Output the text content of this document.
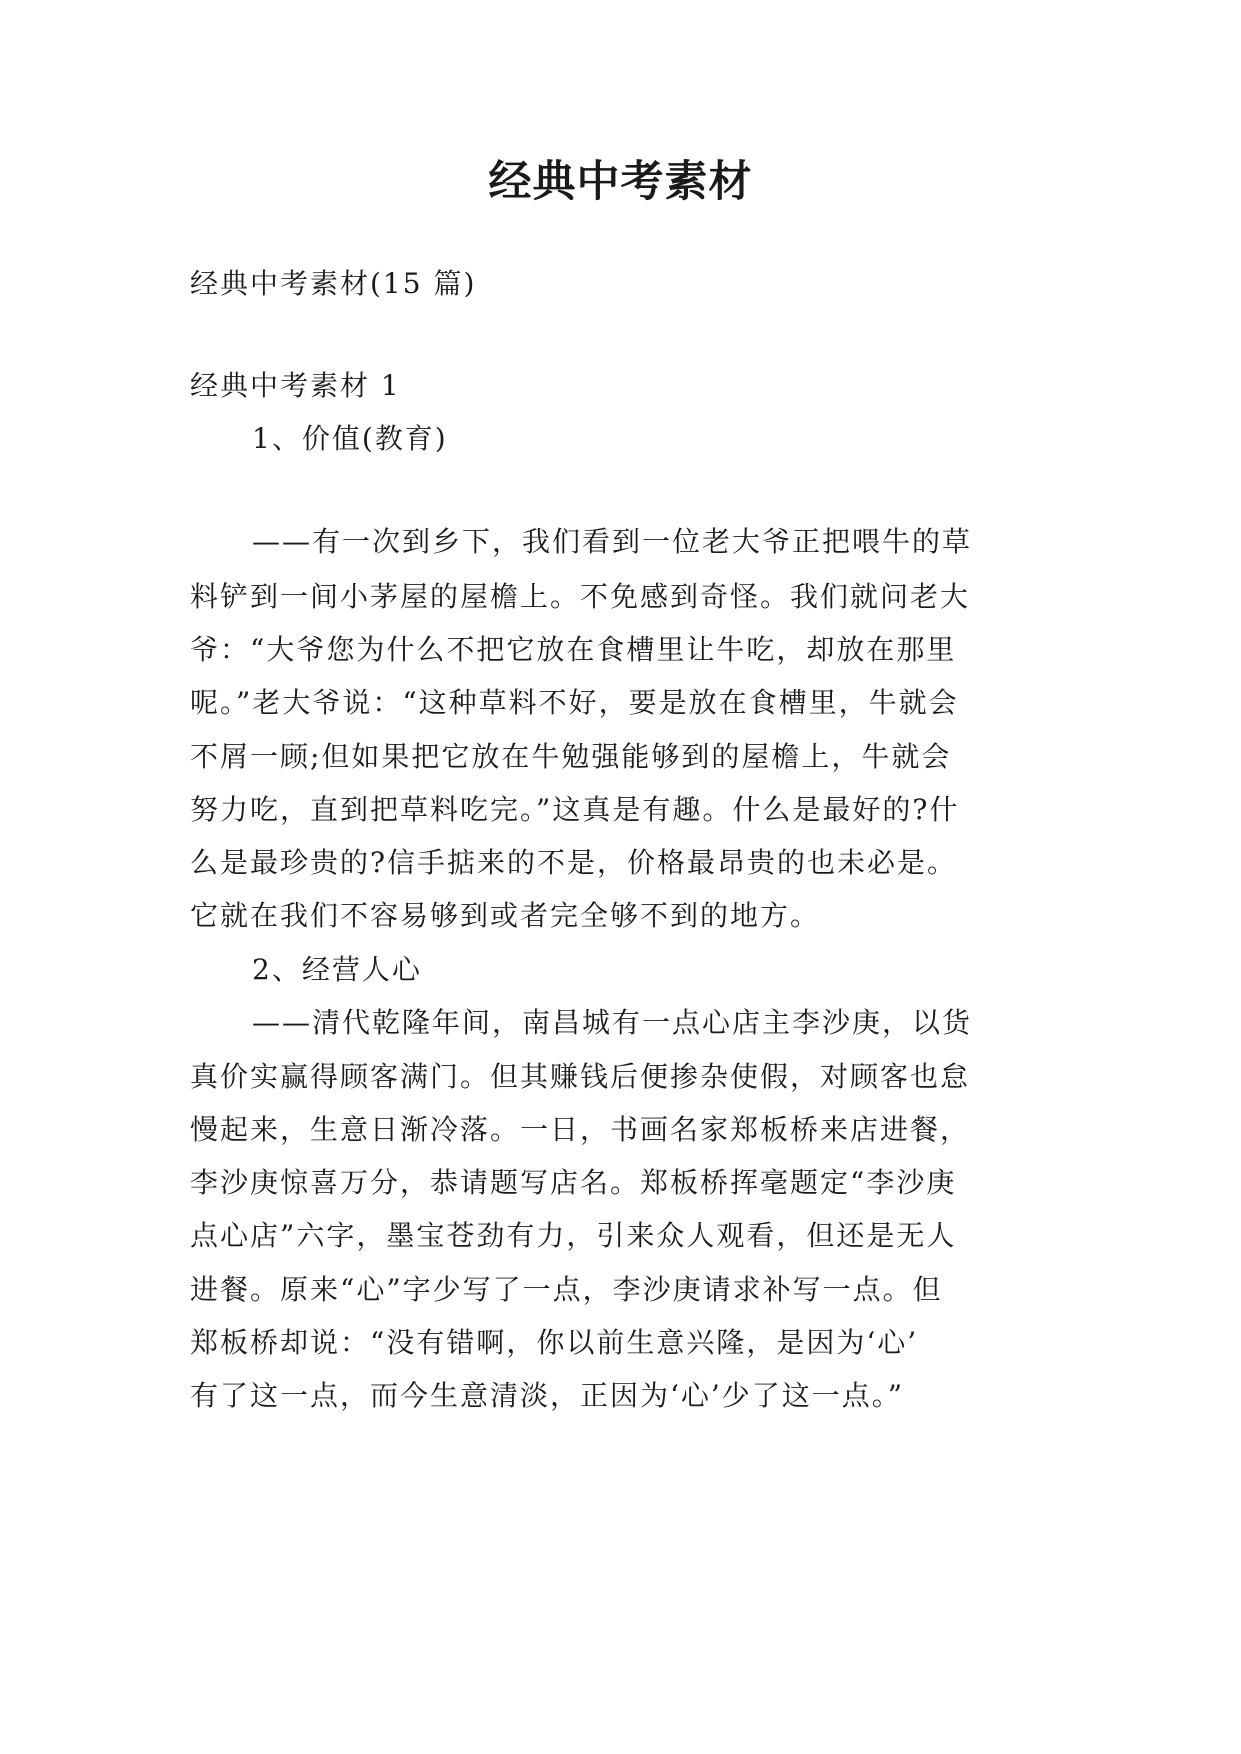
经典中考素材

经典中考素材(15 篇)

经典中考素材 1

1、价值(教育)

——有一次到乡下，我们看到一位老大爷正把喂牛的草

料铲到一间小茅屋的屋檐上。不免感到奇怪。我们就问老大

爷：“大爷您为什么不把它放在食槽里让牛吃，却放在那里

呢。”老大爷说：“这种草料不好，要是放在食槽里，牛就会

不屑一顾;但如果把它放在牛勉强能够到的屋檐上，牛就会

努力吃，直到把草料吃完。”这真是有趣。什么是最好的?什

么是最珍贵的?信手掂来的不是，价格最昂贵的也未必是。

它就在我们不容易够到或者完全够不到的地方。

2、经营人心

——清代乾隆年间，南昌城有一点心店主李沙庚，以货

真价实赢得顾客满门。但其赚钱后便掺杂使假，对顾客也怠

慢起来，生意日渐冷落。一日，书画名家郑板桥来店进餐，

李沙庚惊喜万分，恭请题写店名。郑板桥挥毫题定“李沙庚

点心店”六字，墨宝苍劲有力，引来众人观看，但还是无人

进餐。原来“心”字少写了一点，李沙庚请求补写一点。但

郑板桥却说：“没有错啊，你以前生意兴隆，是因为‘心’

有了这一点，而今生意清淡，正因为‘心’少了这一点。”
